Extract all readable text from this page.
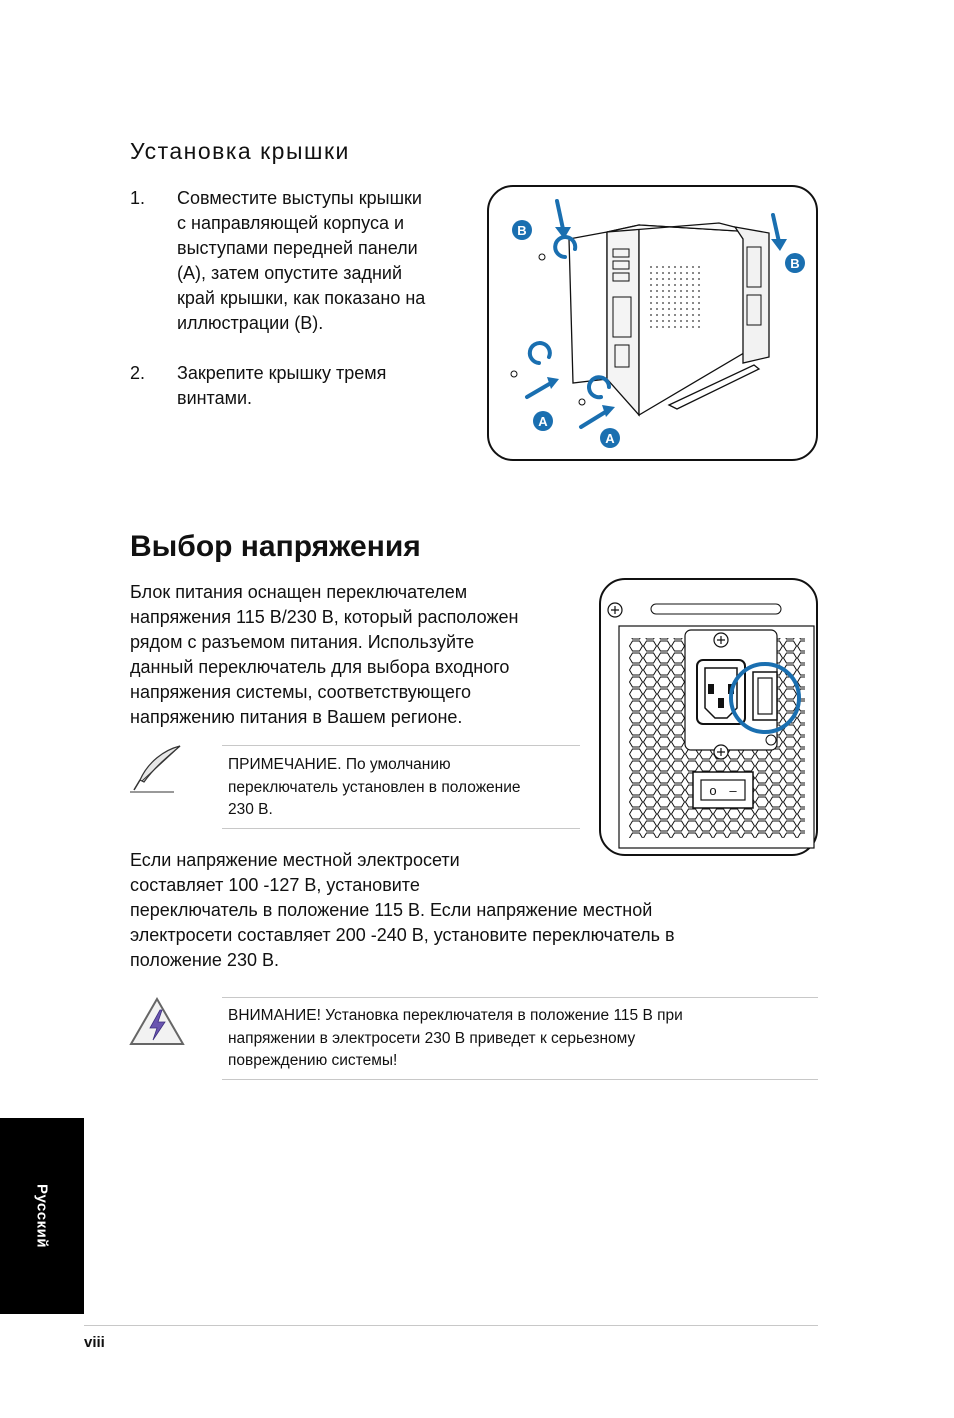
Установка крышки
1.	Совместите выступы крышки
с направляющей корпуса и
выступами передней панели
(A), затем опустите задний
край крышки, как показано на
иллюстрации (B).
2.	Закрепите крышку тремя
винтами.
B
B
A
A
Выбор напряжения
Блок питания оснащен переключателем
напряжения 115 В/230 В, который расположен
рядом с разъемом питания. Используйте
данный переключатель для выбора входного
напряжения системы, соответствующего
напряжению питания в Вашем регионе.
o –
ПРИМЕЧАНИЕ. По умолчанию
переключатель установлен в положение
230 В.
Если напряжение местной электросети
составляет 100 -127 В, установите
переключатель в положение 115 В. Если напряжение местной
электросети составляет 200 -240 В, установите переключатель в
положение 230 В.
ВНИМАНИЕ! Установка переключателя в положение 115 В при
напряжении в электросети 230 В приведет к серьезному
повреждению системы!
Русский
viii
